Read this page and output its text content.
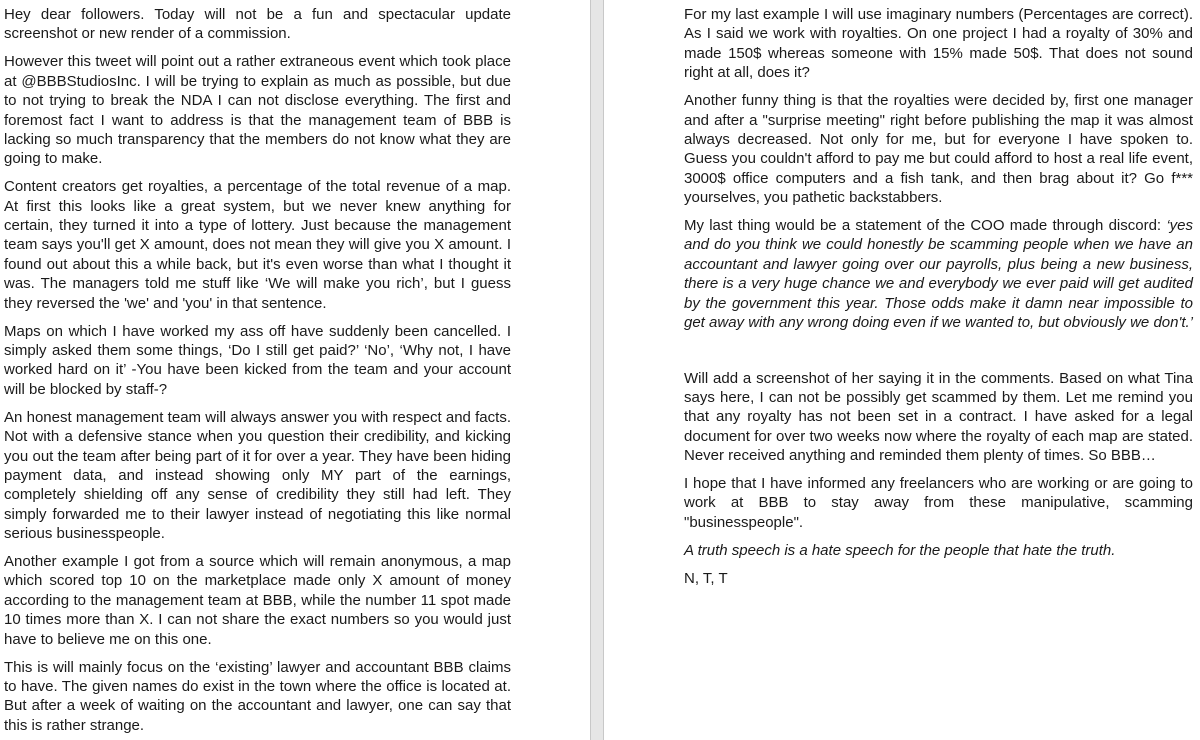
Hey dear followers. Today will not be a fun and spectacular update screenshot or new render of a commission.

However this tweet will point out a rather extraneous event which took place at @BBBStudiosInc. I will be trying to explain as much as possible, but due to not trying to break the NDA I can not disclose everything. The first and foremost fact I want to address is that the management team of BBB is lacking so much transparency that the members do not know what they are going to make.

Content creators get royalties, a percentage of the total revenue of a map. At first this looks like a great system, but we never knew anything for certain, they turned it into a type of lottery. Just because the management team says you'll get X amount, does not mean they will give you X amount. I found out about this a while back, but it's even worse than what I thought it was. The managers told me stuff like ‘We will make you rich’, but I guess they reversed the 'we' and 'you' in that sentence.

Maps on which I have worked my ass off have suddenly been cancelled. I simply asked them some things, ‘Do I still get paid?’ ‘No’, ‘Why not, I have worked hard on it’ -You have been kicked from the team and your account will be blocked by staff-?

An honest management team will always answer you with respect and facts. Not with a defensive stance when you question their credibility, and kicking you out the team after being part of it for over a year. They have been hiding payment data, and instead showing only MY part of the earnings, completely shielding off any sense of credibility they still had left. They simply forwarded me to their lawyer instead of negotiating this like normal serious businesspeople.

Another example I got from a source which will remain anonymous, a map which scored top 10 on the marketplace made only X amount of money according to the management team at BBB, while the number 11 spot made 10 times more than X. I can not share the exact numbers so you would just have to believe me on this one.

This is will mainly focus on the ‘existing’ lawyer and accountant BBB claims to have. The given names do exist in the town where the office is located at. But after a week of waiting on the accountant and lawyer, one can say that this is rather strange.

For my last example I will use imaginary numbers (Percentages are correct). As I said we work with royalties. On one project I had a royalty of 30% and made 150$ whereas someone with 15% made 50$. That does not sound right at all, does it?

Another funny thing is that the royalties were decided by, first one manager and after a "surprise meeting" right before publishing the map it was almost always decreased. Not only for me, but for everyone I have spoken to. Guess you couldn't afford to pay me but could afford to host a real life event, 3000$ office computers and a fish tank, and then brag about it? Go f*** yourselves, you pathetic backstabbers.

My last thing would be a statement of the COO made through discord: ‘yes and do you think we could honestly be scamming people when we have an accountant and lawyer going over our payrolls, plus being a new business, there is a very huge chance we and everybody we ever paid will get audited by the government this year. Those odds make it damn near impossible to get away with any wrong doing even if we wanted to, but obviously we don't.’

Will add a screenshot of her saying it in the comments. Based on what Tina says here, I can not be possibly get scammed by them. Let me remind you that any royalty has not been set in a contract. I have asked for a legal document for over two weeks now where the royalty of each map are stated. Never received anything and reminded them plenty of times. So BBB…

I hope that I have informed any freelancers who are working or are going to work at BBB to stay away from these manipulative, scamming "businesspeople".

A truth speech is a hate speech for the people that hate the truth.

N, T, T
